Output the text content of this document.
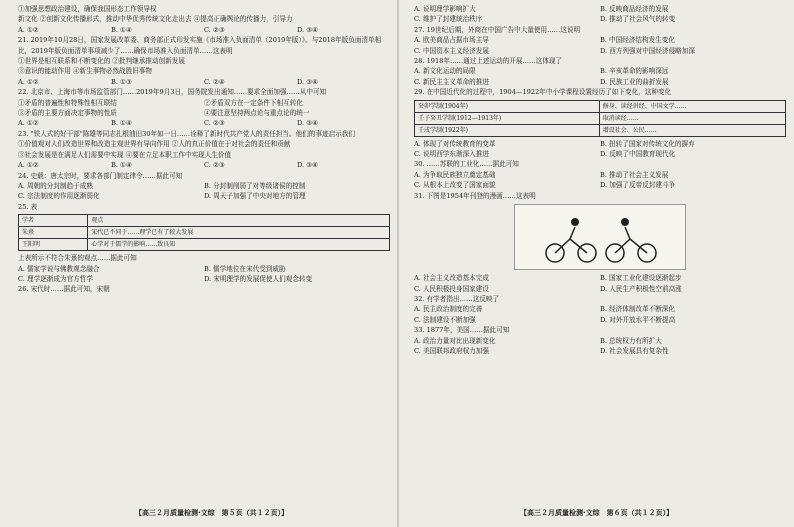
①加强思想政治建设，确保我国形态工作领导权
新文化 ②创新文化传播形式，推动中华优秀传统文化走出去 ④提高正确舆论的传播力，引导力
A. ①②	B. ①④	C. ②③	D. ③④
21. 2019年10月28日，国家发展改革委、商务部正式印发实施《市场准入负面清单（2019年版）》。与2018年版负面清单相比，2019年版负面清单事项减少了……确保市场准入负面清单……这表明
①世界是相互联系和不断变化的 ②批判继承推动创新发展
③意识的能动作用 ④新生事物必然战胜旧事物
A. ①②	B. ①③	C. ②④	D. ③④
22. 北京市、上海市等市场监管部门……2019年9月3日，国务院发出通知……要求全面加强……从中可知
①矛盾的普遍性和特殊性相互联结	②矛盾双方在一定条件下相互转化
③矛盾的主要方面决定事物的性质	④要注意坚持两点论与重点论的统一
A. ①②	B. ①④	C. ②③	D. ③④
23. "铁人式的好干部"陈雄等同志扎根油田30年如一日……诠释了新时代共产党人的责任担当。他们的事迹启示我们
①价值观对人们改造世界和改造主观世界有导向作用 ②人的真正价值在于对社会的责任和贡献
③社会发展是在满足人们需要中实现 ④要在立足本职工作中实现人生价值
A. ①②	B. ①④	C. ②③	D. ③④
24. 史载：唐太宗时，要求各部门制定律令……据此可知
A. 周朝的分封制趋于成熟	B. 分封制削弱了对等级诸侯的控制
C. 宗法制度的作用逐渐弱化	D. 周天子加强了中央对地方的管理
25. 表
学者	观点
朱熹	宋代已不同于……理学已有了较大发展
王阳明	心学对于儒学的影响……致良知
上表所示不符合朱熹的观点……据此可知
A. 儒家学说与佛教观念融合	B. 儒学地位在宋代受到威胁
C. 理学逐渐成为官方哲学	D. 宋明理学的发展促使人们观念转变
26. 宋代时……据此可知，宋朝
A. 说明理学影响扩大	B. 反映商品经济的发展
C. 维护了封建统治秩序	D. 推动了社会风气的转变
27. 19世纪后期，外商在中国广告中大量使用……这说明
A. 欧美商品占据市场主导	B. 中国经济结构发生变化
C. 中国资本主义经济发展	D. 西方列强对中国经济侵略加深
28. 1918年……通过上述运动的开展……这体现了
A. 新文化运动的局限	B. 辛亥革命的影响深远
C. 新民主主义革命的推进	D. 民族工业的曲折发展
29. 在中国近代化的过程中，1904—1922年中小学课程设置经历了如下变化，这种变化
癸卯学制(1904年)	修身、读经讲经、中国文学……
壬子癸丑学制(1912—1913年)	取消读经……
壬戌学制(1922年)	增设社会、公民……
A. 体现了对传统教育的变革	B. 扭转了国家对传统文化的摒弃
C. 说明西学东渐深入推进	D. 反映了中国教育现代化
30. ……苏联的工业化……据此可知
A. 为争取民族独立奠定基础	B. 推动了社会主义发展
C. 从根本上改变了国家面貌	D. 加强了反帝反封建斗争
31. 下图是1954年刊登的漫画……这表明
A. 社会主义改造基本完成	B. 国家工业化建设逐渐起步
C. 人民积极投身国家建设	D. 人民生产积极性空前高涨
32. 有学者指出……这反映了
A. 民主政治制度的完善	B. 经济体制改革不断深化
C. 法制建设不断加强	D. 对外开放水平不断提高
33. 1877年，美国……据此可知
A. 政治力量对比出现新变化	B. 总统权力有所扩大
C. 美国联邦政府权力加强	D. 社会发展具有复杂性
【高三２月质量检测·文综　第５页（共１２页）】	【高三２月质量检测·文综　第６页（共１２页）】
